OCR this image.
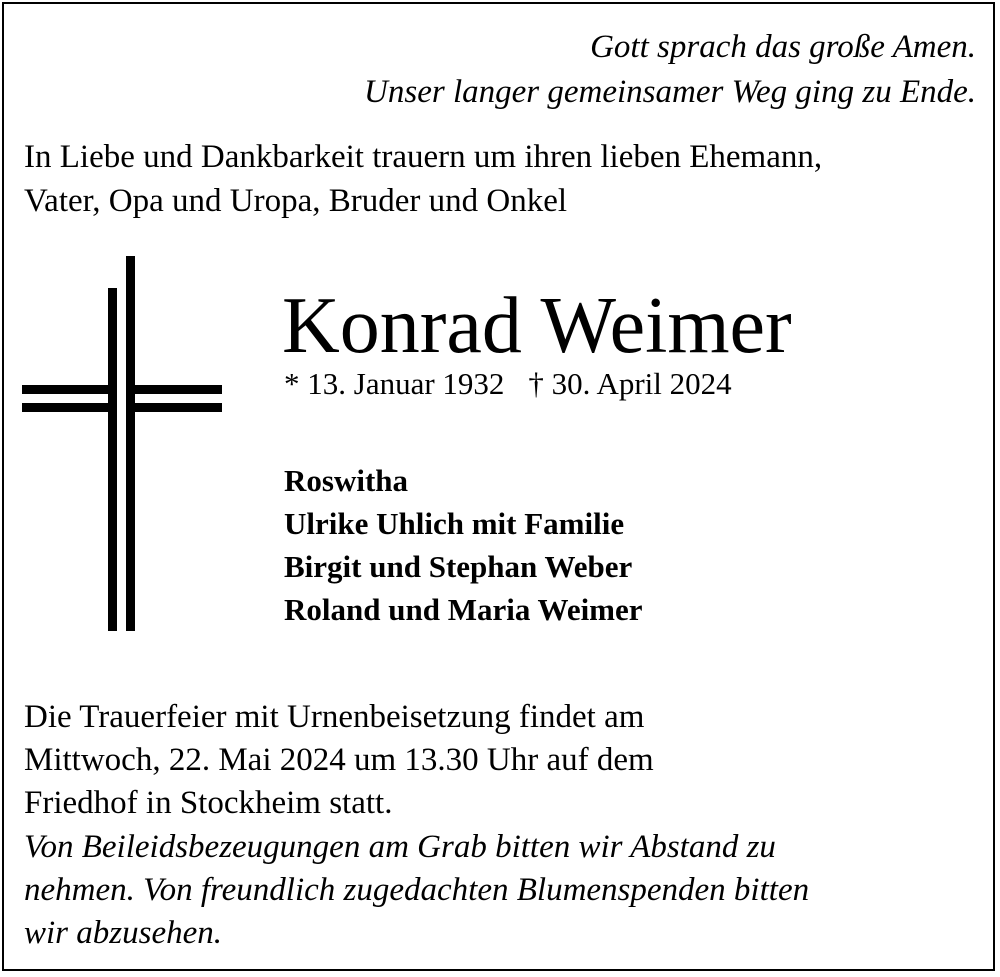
Gott sprach das große Amen.
Unser langer gemeinsamer Weg ging zu Ende.
In Liebe und Dankbarkeit trauern um ihren lieben Ehemann,
Vater, Opa und Uropa, Bruder und Onkel
Konrad Weimer
* 13. Januar 1932 † 30. April 2024
Roswitha
Ulrike Uhlich mit Familie
Birgit und Stephan Weber
Roland und Maria Weimer
Die Trauerfeier mit Urnenbeisetzung findet am
Mittwoch, 22. Mai 2024 um 13.30 Uhr auf dem
Friedhof in Stockheim statt.
Von Beileidsbezeugungen am Grab bitten wir Abstand zu
nehmen. Von freundlich zugedachten Blumenspenden bitten
wir abzusehen.
